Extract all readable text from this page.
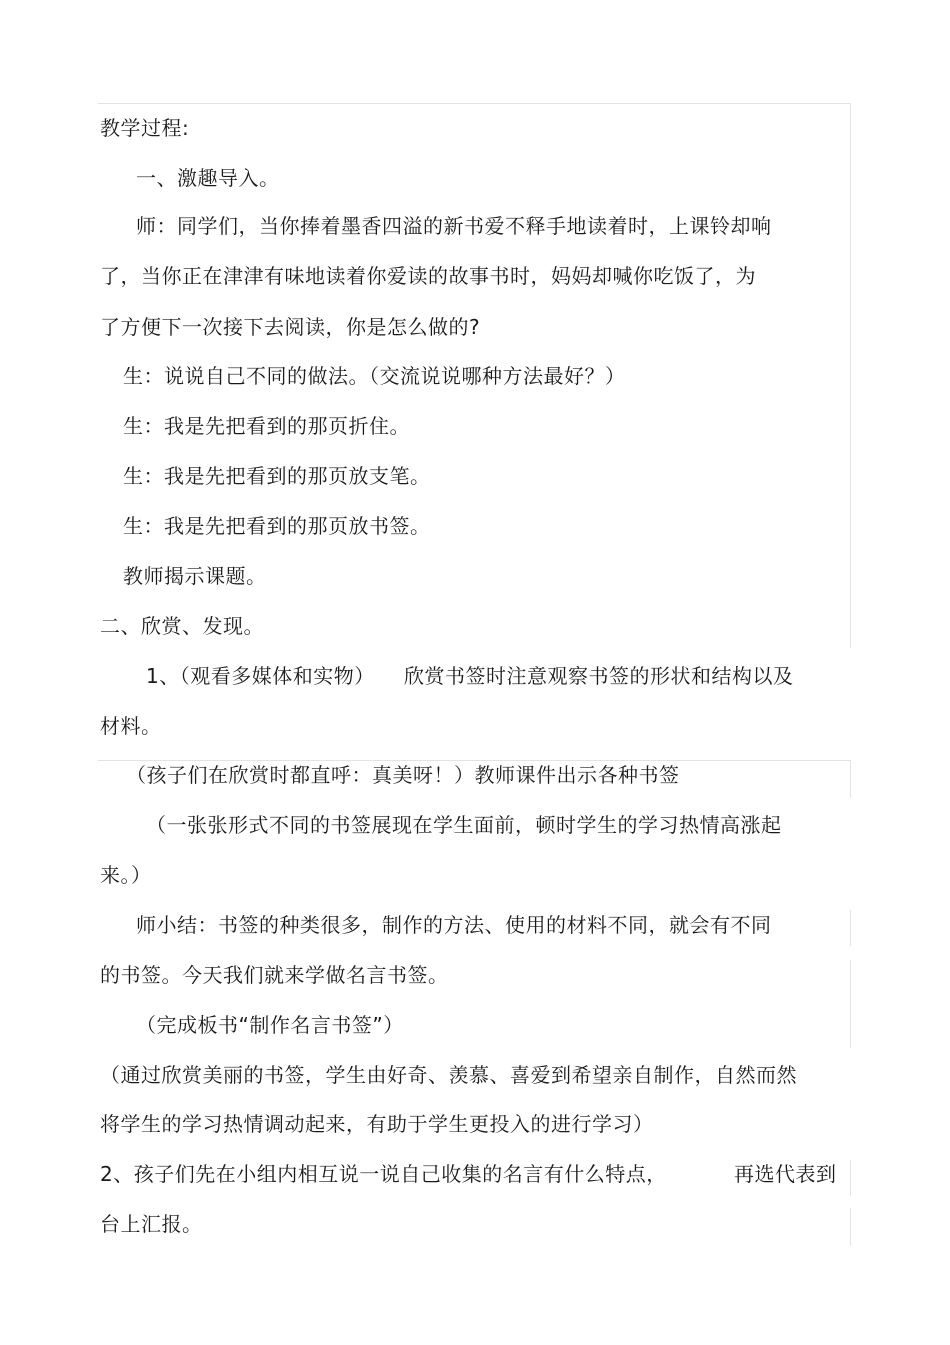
教学过程:
一、激趣导入。
师：同学们，当你捧着墨香四溢的新书爱不释手地读着时，上课铃却响
了，当你正在津津有味地读着你爱读的故事书时，妈妈却喊你吃饭了，为
了方便下一次接下去阅读，你是怎么做的?
生：说说自己不同的做法。（交流说说哪种方法最好？）
生：我是先把看到的那页折住。
生：我是先把看到的那页放支笔。
生：我是先把看到的那页放书签。
教师揭示课题。
二、欣赏、发现。
1、（观看多媒体和实物） 欣赏书签时注意观察书签的形状和结构以及
材料。
（孩子们在欣赏时都直呼：真美呀！）教师课件出示各种书签
（一张张形式不同的书签展现在学生面前，顿时学生的学习热情高涨起
来。）
师小结：书签的种类很多，制作的方法、使用的材料不同，就会有不同
的书签。今天我们就来学做名言书签。
（完成板书“制作名言书签”）
（通过欣赏美丽的书签，学生由好奇、羡慕、喜爱到希望亲自制作，自然而然
将学生的学习热情调动起来，有助于学生更投入的进行学习）
2、孩子们先在小组内相互说一说自己收集的名言有什么特点，	再选代表到
台上汇报。
